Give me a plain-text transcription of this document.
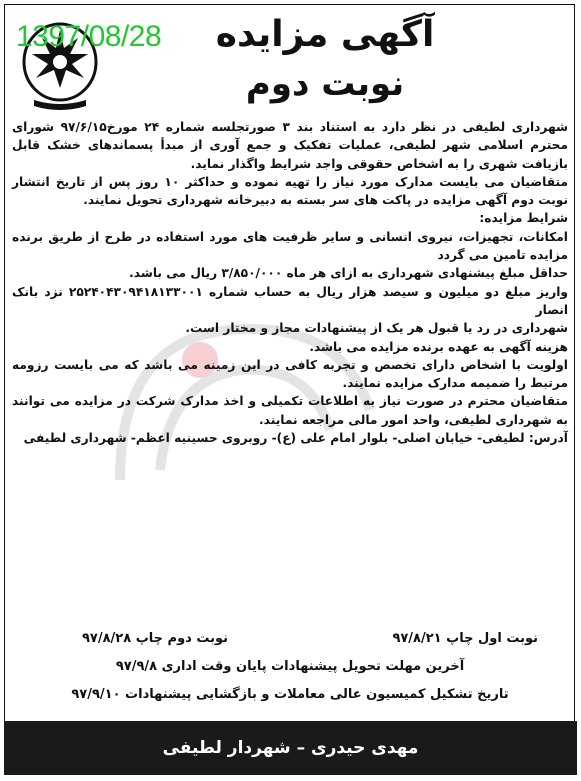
1397/08/28 آگهی مزایده
نوبت دوم

شهرداری لطیفی در نظر دارد به استناد بند ۳ صورتجلسه شماره ۲۴ مورخ۹۷/۶/۱۵ شورای محترم اسلامی شهر لطیفی، عملیات تفکیک و جمع آوری از مبدأ پسماندهای خشک قابل بازیافت شهری را به اشخاص حقوقی واجد شرایط واگذار نماید.

متقاضیان می بایست مدارک مورد نیاز را تهیه نموده و حداکثر ۱۰ روز پس از تاریخ انتشار نوبت دوم آگهی مزایده در پاکت های سر بسته به دبیرخانه شهرداری تحویل نمایند.

شرایط مزایده:

امکانات، تجهیزات، نیروی انسانی و سایر ظرفیت های مورد استفاده در طرح از طریق برنده مزایده تامین می گردد

حداقل مبلغ پیشنهادی شهرداری به ازای هر ماه ۳/۸۵۰/۰۰۰ ریال می باشد.

واریز مبلغ دو میلیون و سیصد هزار ریال به حساب شماره ۲۵۲۴۰۴۳۰۹۴۱۸۱۳۳۰۰۱ نزد بانک انصار

شهرداری در رد یا قبول هر یک از پیشنهادات مجاز و مختار است.

هزینه آگهی به عهده برنده مزایده می باشد.

اولویت با اشخاص دارای تخصص و تجربه کافی در این زمینه می باشد که می بایست رزومه مرتبط را ضمیمه مدارک مزایده نمایند.

متقاضیان محترم در صورت نیاز به اطلاعات تکمیلی و اخذ مدارک شرکت در مزایده می توانند به شهرداری لطیفی، واحد امور مالی مراجعه نمایند.

آدرس: لطیفی- خیابان اصلی- بلوار امام علی (ع)- روبروی حسینیه اعظم- شهرداری لطیفی

نوبت اول چاپ ۹۷/۸/۲۱
نوبت دوم چاپ ۹۷/۸/۲۸
آخرین مهلت تحویل پیشنهادات پایان وقت اداری ۹۷/۹/۸
تاریخ تشکیل کمیسیون عالی معاملات و بازگشایی پیشنهادات ۹۷/۹/۱۰
مهدی حیدری – شهردار لطیفی
